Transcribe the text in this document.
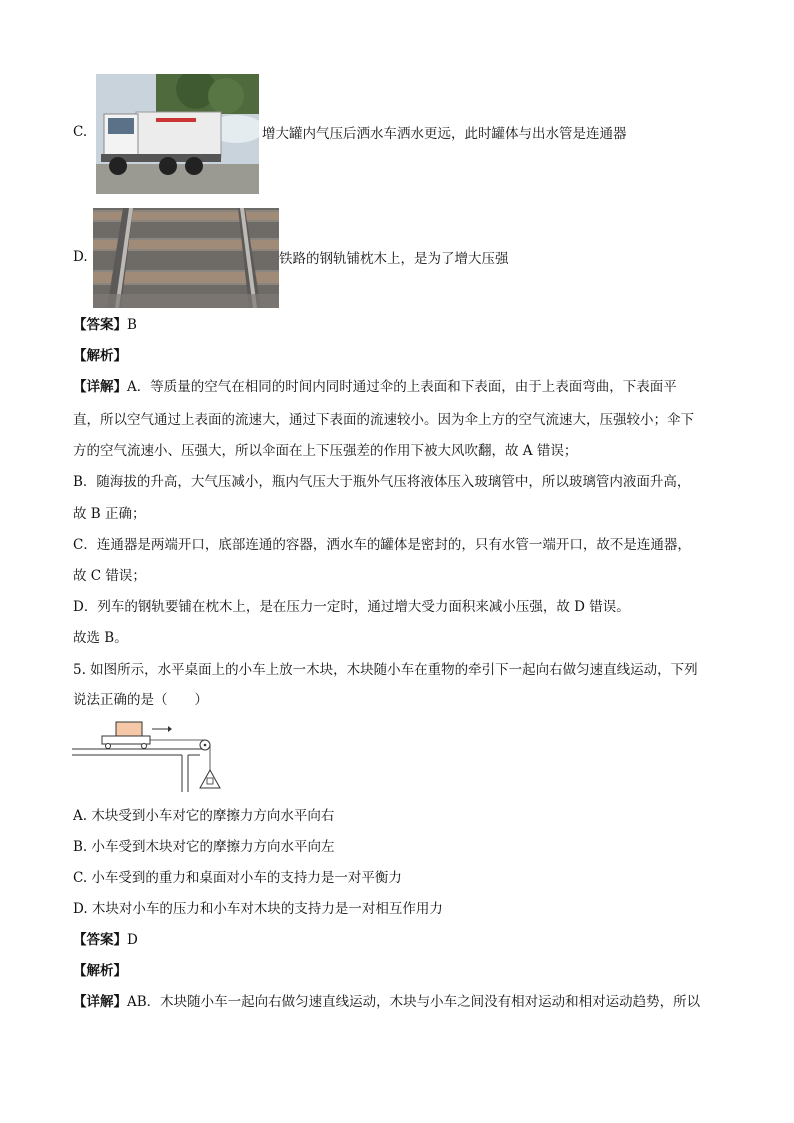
C.	增大罐内气压后洒水车洒水更远，此时罐体与出水管是连通器
D.	铁路的钢轨铺枕木上，是为了增大压强
【答案】B
【解析】
【详解】A．等质量的空气在相同的时间内同时通过伞的上表面和下表面，由于上表面弯曲，下表面平
直，所以空气通过上表面的流速大，通过下表面的流速较小。因为伞上方的空气流速大，压强较小；伞下
方的空气流速小、压强大，所以伞面在上下压强差的作用下被大风吹翻，故 A 错误；
B．随海拔的升高，大气压减小，瓶内气压大于瓶外气压将液体压入玻璃管中，所以玻璃管内液面升高，
故 B 正确；
C．连通器是两端开口，底部连通的容器，洒水车的罐体是密封的，只有水管一端开口，故不是连通器，
故 C 错误；
D．列车的钢轨要铺在枕木上，是在压力一定时，通过增大受力面积来减小压强，故 D 错误。
故选 B。
5. 如图所示，水平桌面上的小车上放一木块，木块随小车在重物的牵引下一起向右做匀速直线运动，下列
说法正确的是（　　）
A. 木块受到小车对它的摩擦力方向水平向右
B. 小车受到木块对它的摩擦力方向水平向左
C. 小车受到的重力和桌面对小车的支持力是一对平衡力
D. 木块对小车的压力和小车对木块的支持力是一对相互作用力
【答案】D
【解析】
【详解】AB．木块随小车一起向右做匀速直线运动，木块与小车之间没有相对运动和相对运动趋势，所以
